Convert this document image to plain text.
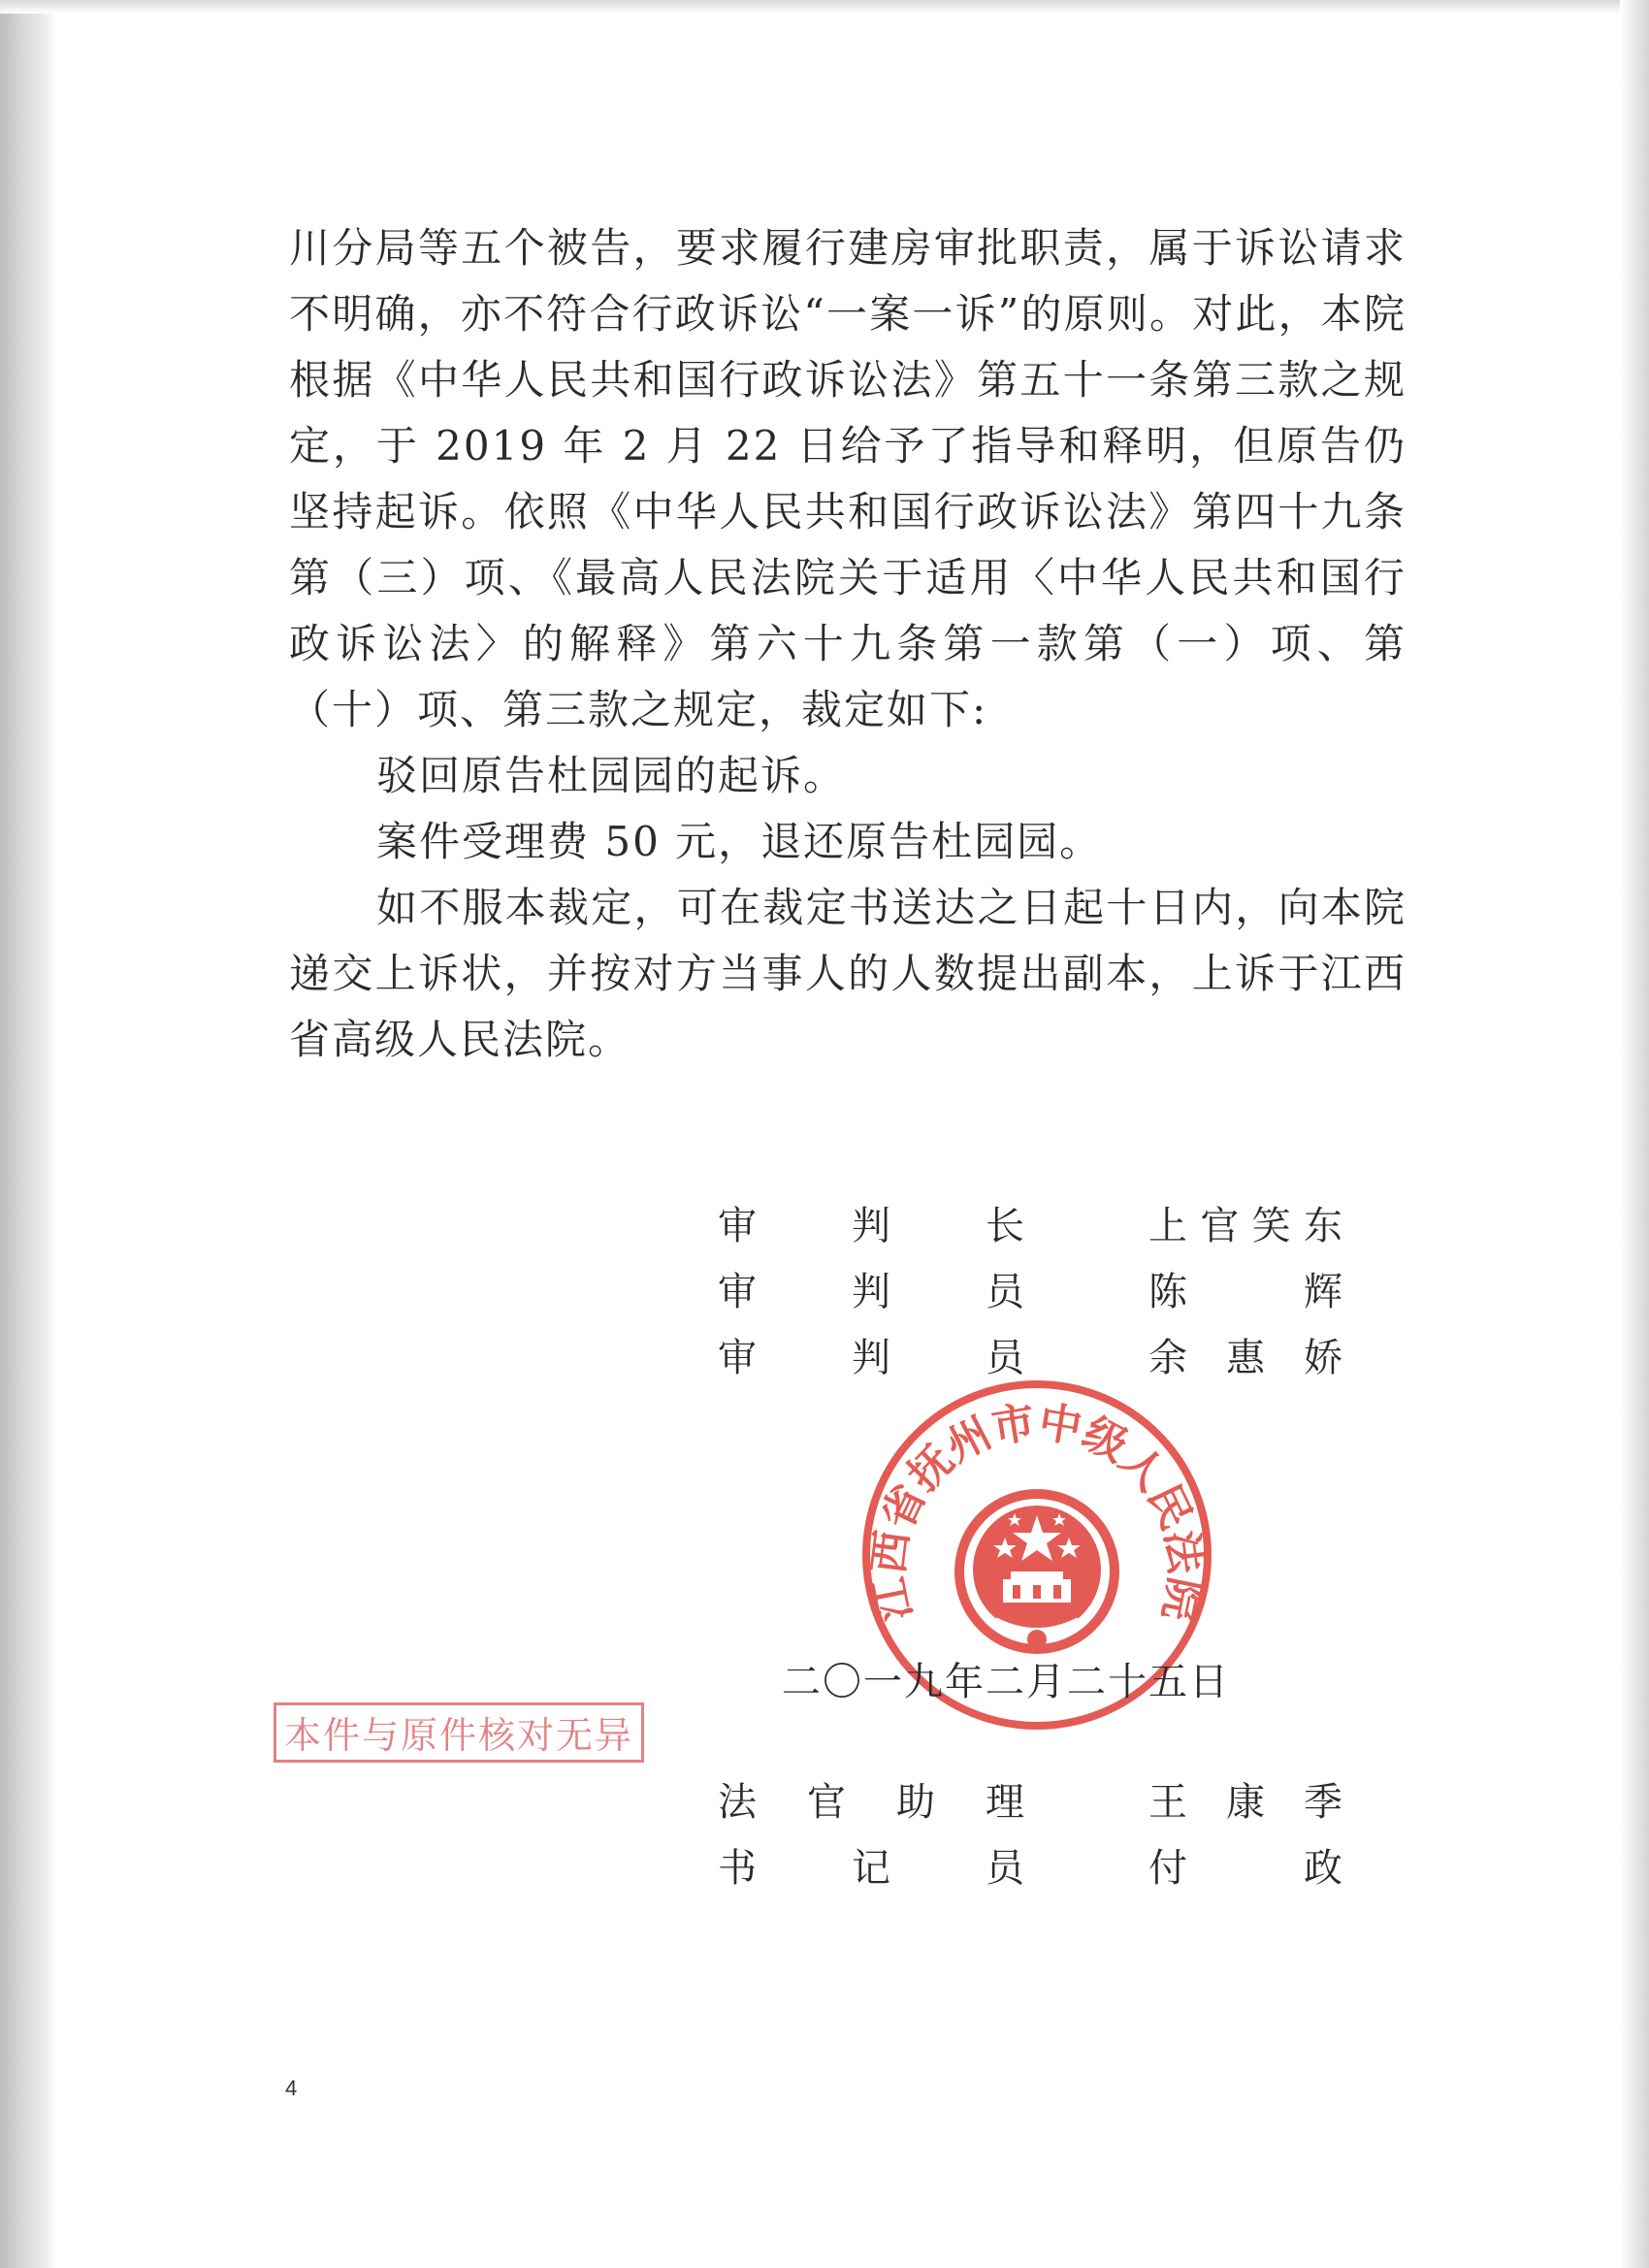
川分局等五个被告，要求履行建房审批职责，属于诉讼请求不明确，亦不符合行政诉讼“一案一诉”的原则。对此，本院根据《中华人民共和国行政诉讼法》第五十一条第三款之规定，于 2019 年 2 月 22 日给予了指导和释明，但原告仍坚持起诉。依照《中华人民共和国行政诉讼法》第四十九条第（三）项、《最高人民法院关于适用〈中华人民共和国行政诉讼法〉的解释》第六十九条第一款第（一）项、第（十）项、第三款之规定，裁定如下:

驳回原告杜园园的起诉。

案件受理费 50 元，退还原告杜园园。

如不服本裁定，可在裁定书送达之日起十日内，向本院递交上诉状，并按对方当事人的人数提出副本，上诉于江西省高级人民法院。

审 判 长	上 官 笑 东
审 判 员	陈	辉
审 判 员	余 惠 娇
江西省抚州市中级人民法院
二〇一九年二月二十五日
本件与原件核对无异
法 官 助 理	王 康 季
书 记 员	付	政
4
